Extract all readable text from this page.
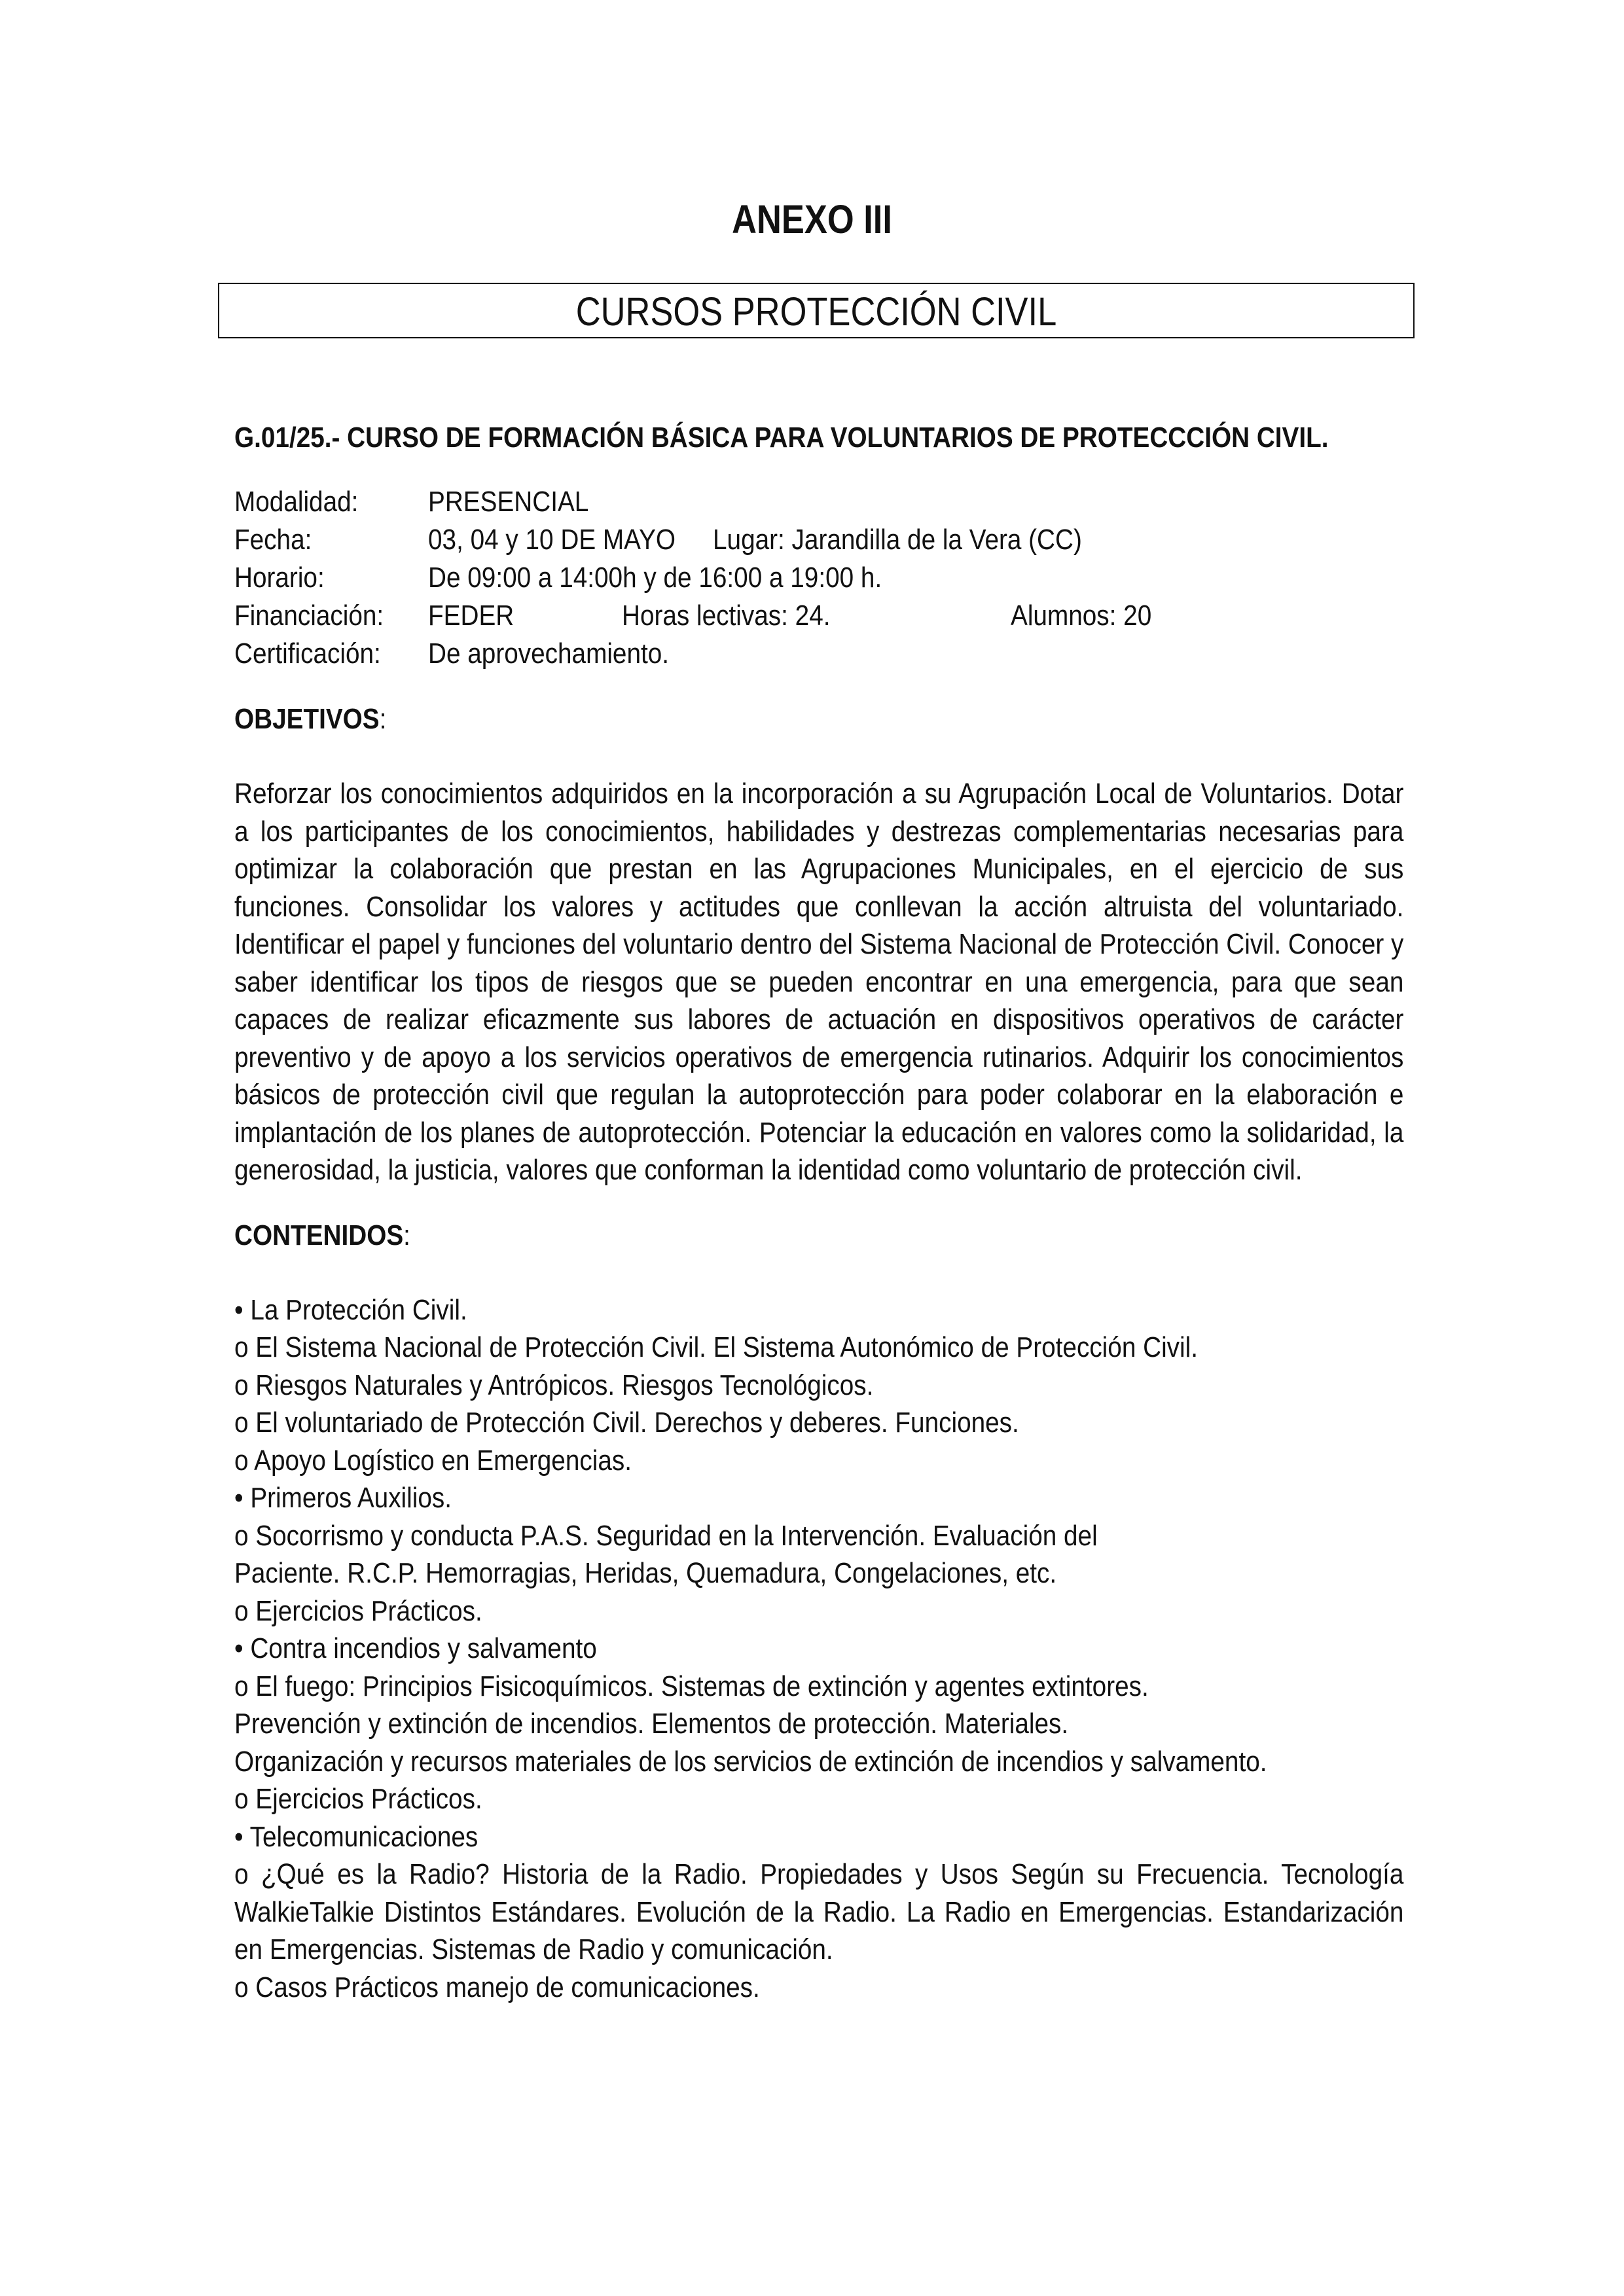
ANEXO III
CURSOS PROTECCIÓN CIVIL
G.01/25.- CURSO DE FORMACIÓN BÁSICA PARA VOLUNTARIOS DE PROTECCCIÓN CIVIL.
Modalidad: PRESENCIAL
Fecha:	03, 04 y 10 DE MAYO Lugar: Jarandilla de la Vera (CC)
Horario:	De 09:00 a 14:00h y de 16:00 a 19:00 h.
Financiación: FEDER	Horas lectivas: 24.	Alumnos: 20
Certificación: De aprovechamiento.
OBJETIVOS:

Reforzar los conocimientos adquiridos en la incorporación a su Agrupación Local de Voluntarios. Dotar a los participantes de los conocimientos, habilidades y destrezas complementarias necesarias para optimizar la colaboración que prestan en las Agrupaciones Municipales, en el ejercicio de sus funciones. Consolidar los valores y actitudes que conllevan la acción altruista del voluntariado. Identificar el papel y funciones del voluntario dentro del Sistema Nacional de Protección Civil. Conocer y saber identificar los tipos de riesgos que se pueden encontrar en una emergencia, para que sean capaces de realizar eficazmente sus labores de actuación en dispositivos operativos de carácter preventivo y de apoyo a los servicios operativos de emergencia rutinarios. Adquirir los conocimientos básicos de protección civil que regulan la autoprotección para poder colaborar en la elaboración e implantación de los planes de autoprotección. Potenciar la educación en valores como la solidaridad, la generosidad, la justicia, valores que conforman la identidad como voluntario de protección civil.

CONTENIDOS:
• La Protección Civil.
o El Sistema Nacional de Protección Civil. El Sistema Autonómico de Protección Civil.
o Riesgos Naturales y Antrópicos. Riesgos Tecnológicos.
o El voluntariado de Protección Civil. Derechos y deberes. Funciones.
o Apoyo Logístico en Emergencias.
• Primeros Auxilios.
o Socorrismo y conducta P.A.S. Seguridad en la Intervención. Evaluación del
Paciente. R.C.P. Hemorragias, Heridas, Quemadura, Congelaciones, etc.
o Ejercicios Prácticos.
• Contra incendios y salvamento
o El fuego: Principios Fisicoquímicos. Sistemas de extinción y agentes extintores.
Prevención y extinción de incendios. Elementos de protección. Materiales.
Organización y recursos materiales de los servicios de extinción de incendios y salvamento.
o Ejercicios Prácticos.
• Telecomunicaciones
o ¿Qué es la Radio? Historia de la Radio. Propiedades y Usos Según su Frecuencia. Tecnología WalkieTalkie Distintos Estándares. Evolución de la Radio. La Radio en Emergencias. Estandarización en Emergencias. Sistemas de Radio y comunicación.
o Casos Prácticos manejo de comunicaciones.
